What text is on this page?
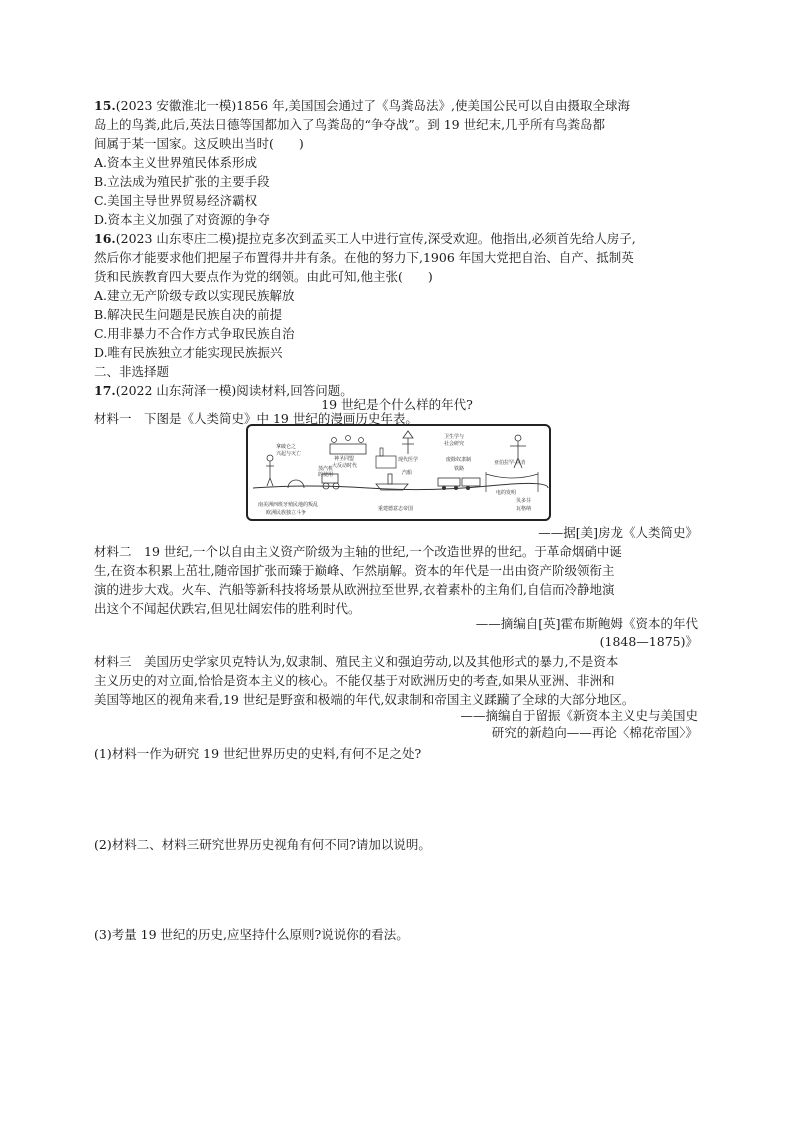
15.(2023 安徽淮北一模)1856 年,美国国会通过了《鸟粪岛法》,使美国公民可以自由摄取全球海
岛上的鸟粪,此后,英法日德等国都加入了鸟粪岛的“争夺战”。到 19 世纪末,几乎所有鸟粪岛都
间属于某一国家。这反映出当时(　　)
A.资本主义世界殖民体系形成
B.立法成为殖民扩张的主要手段
C.美国主导世界贸易经济霸权
D.资本主义加强了对资源的争夺
16.(2023 山东枣庄二模)提拉克多次到孟买工人中进行宣传,深受欢迎。他指出,必须首先给人房子,
然后你才能要求他们把屋子布置得井井有条。在他的努力下,1906 年国大党把自治、自产、抵制英
货和民族教育四大要点作为党的纲领。由此可知,他主张(　　)
A.建立无产阶级专政以实现民族解放
B.解决民生问题是民族自决的前提
C.用非暴力不合作方式争取民族自治
D.唯有民族独立才能实现民族振兴
二、非选择题
17.(2022 山东菏泽一模)阅读材料,回答问题。
19 世纪是个什么样的年代?
材料一　下图是《人类简史》中 19 世纪的漫画历史年表。
拿破仑之
兴起与灭亡
神圣同盟
大反动时代
卫生学与
社会研究
现代医学	废除奴隶制
铁路
亚伯拉罕·林肯
蒸汽机
的使用	汽船
电的发明
贝多芬
瓦格纳
南美洲西班牙殖民地的叛乱
欧洲民族独立斗争
重建德意志帝国
——据[美]房龙《人类简史》
材料二　19 世纪,一个以自由主义资产阶级为主轴的世纪,一个改造世界的世纪。于革命烟硝中诞
生,在资本积累上茁壮,随帝国扩张而臻于巅峰、乍然崩解。资本的年代是一出由资产阶级领衔主
演的进步大戏。火车、汽船等新科技将场景从欧洲拉至世界,衣着素朴的主角们,自信而冷静地演
出这个不闻起伏跌宕,但见壮阔宏伟的胜利时代。
——摘编自[英]霍布斯鲍姆《资本的年代
(1848—1875)》
材料三　美国历史学家贝克特认为,奴隶制、殖民主义和强迫劳动,以及其他形式的暴力,不是资本
主义历史的对立面,恰恰是资本主义的核心。不能仅基于对欧洲历史的考查,如果从亚洲、非洲和
美国等地区的视角来看,19 世纪是野蛮和极端的年代,奴隶制和帝国主义蹂躏了全球的大部分地区。
——摘编自于留振《新资本主义史与美国史
研究的新趋向——再论〈棉花帝国〉》
(1)材料一作为研究 19 世纪世界历史的史料,有何不足之处?
(2)材料二、材料三研究世界历史视角有何不同?请加以说明。
(3)考量 19 世纪的历史,应坚持什么原则?说说你的看法。
